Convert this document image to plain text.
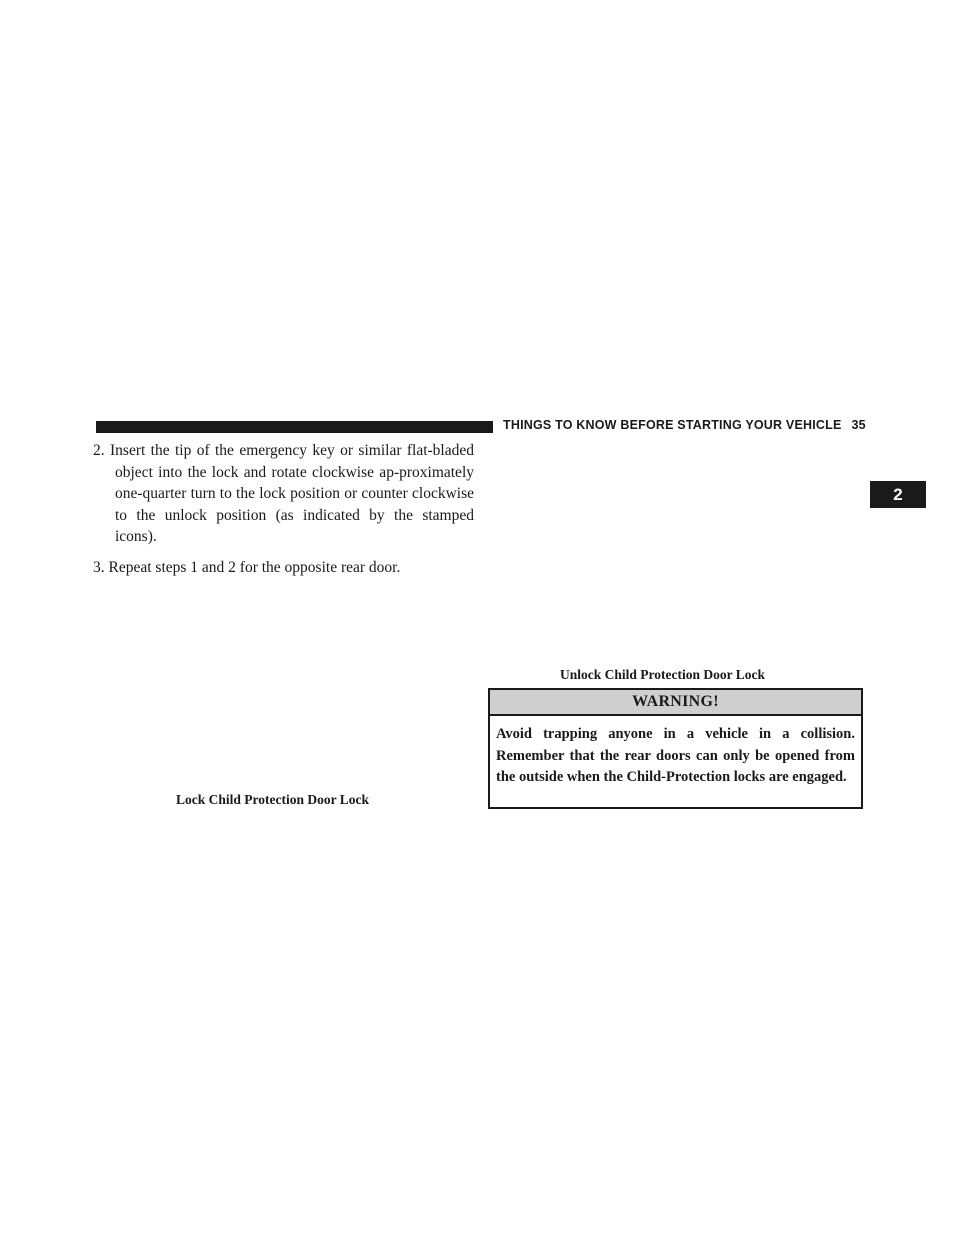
THINGS TO KNOW BEFORE STARTING YOUR VEHICLE 35
2

2. Insert the tip of the emergency key or similar flat-bladed object into the lock and rotate clockwise ap-proximately one-quarter turn to the lock position or counter clockwise to the unlock position (as indicated by the stamped icons).

3. Repeat steps 1 and 2 for the opposite rear door.

Lock Child Protection Door Lock
Unlock Child Protection Door Lock
WARNING!
Avoid trapping anyone in a vehicle in a collision. Remember that the rear doors can only be opened from the outside when the Child-Protection locks are engaged.
